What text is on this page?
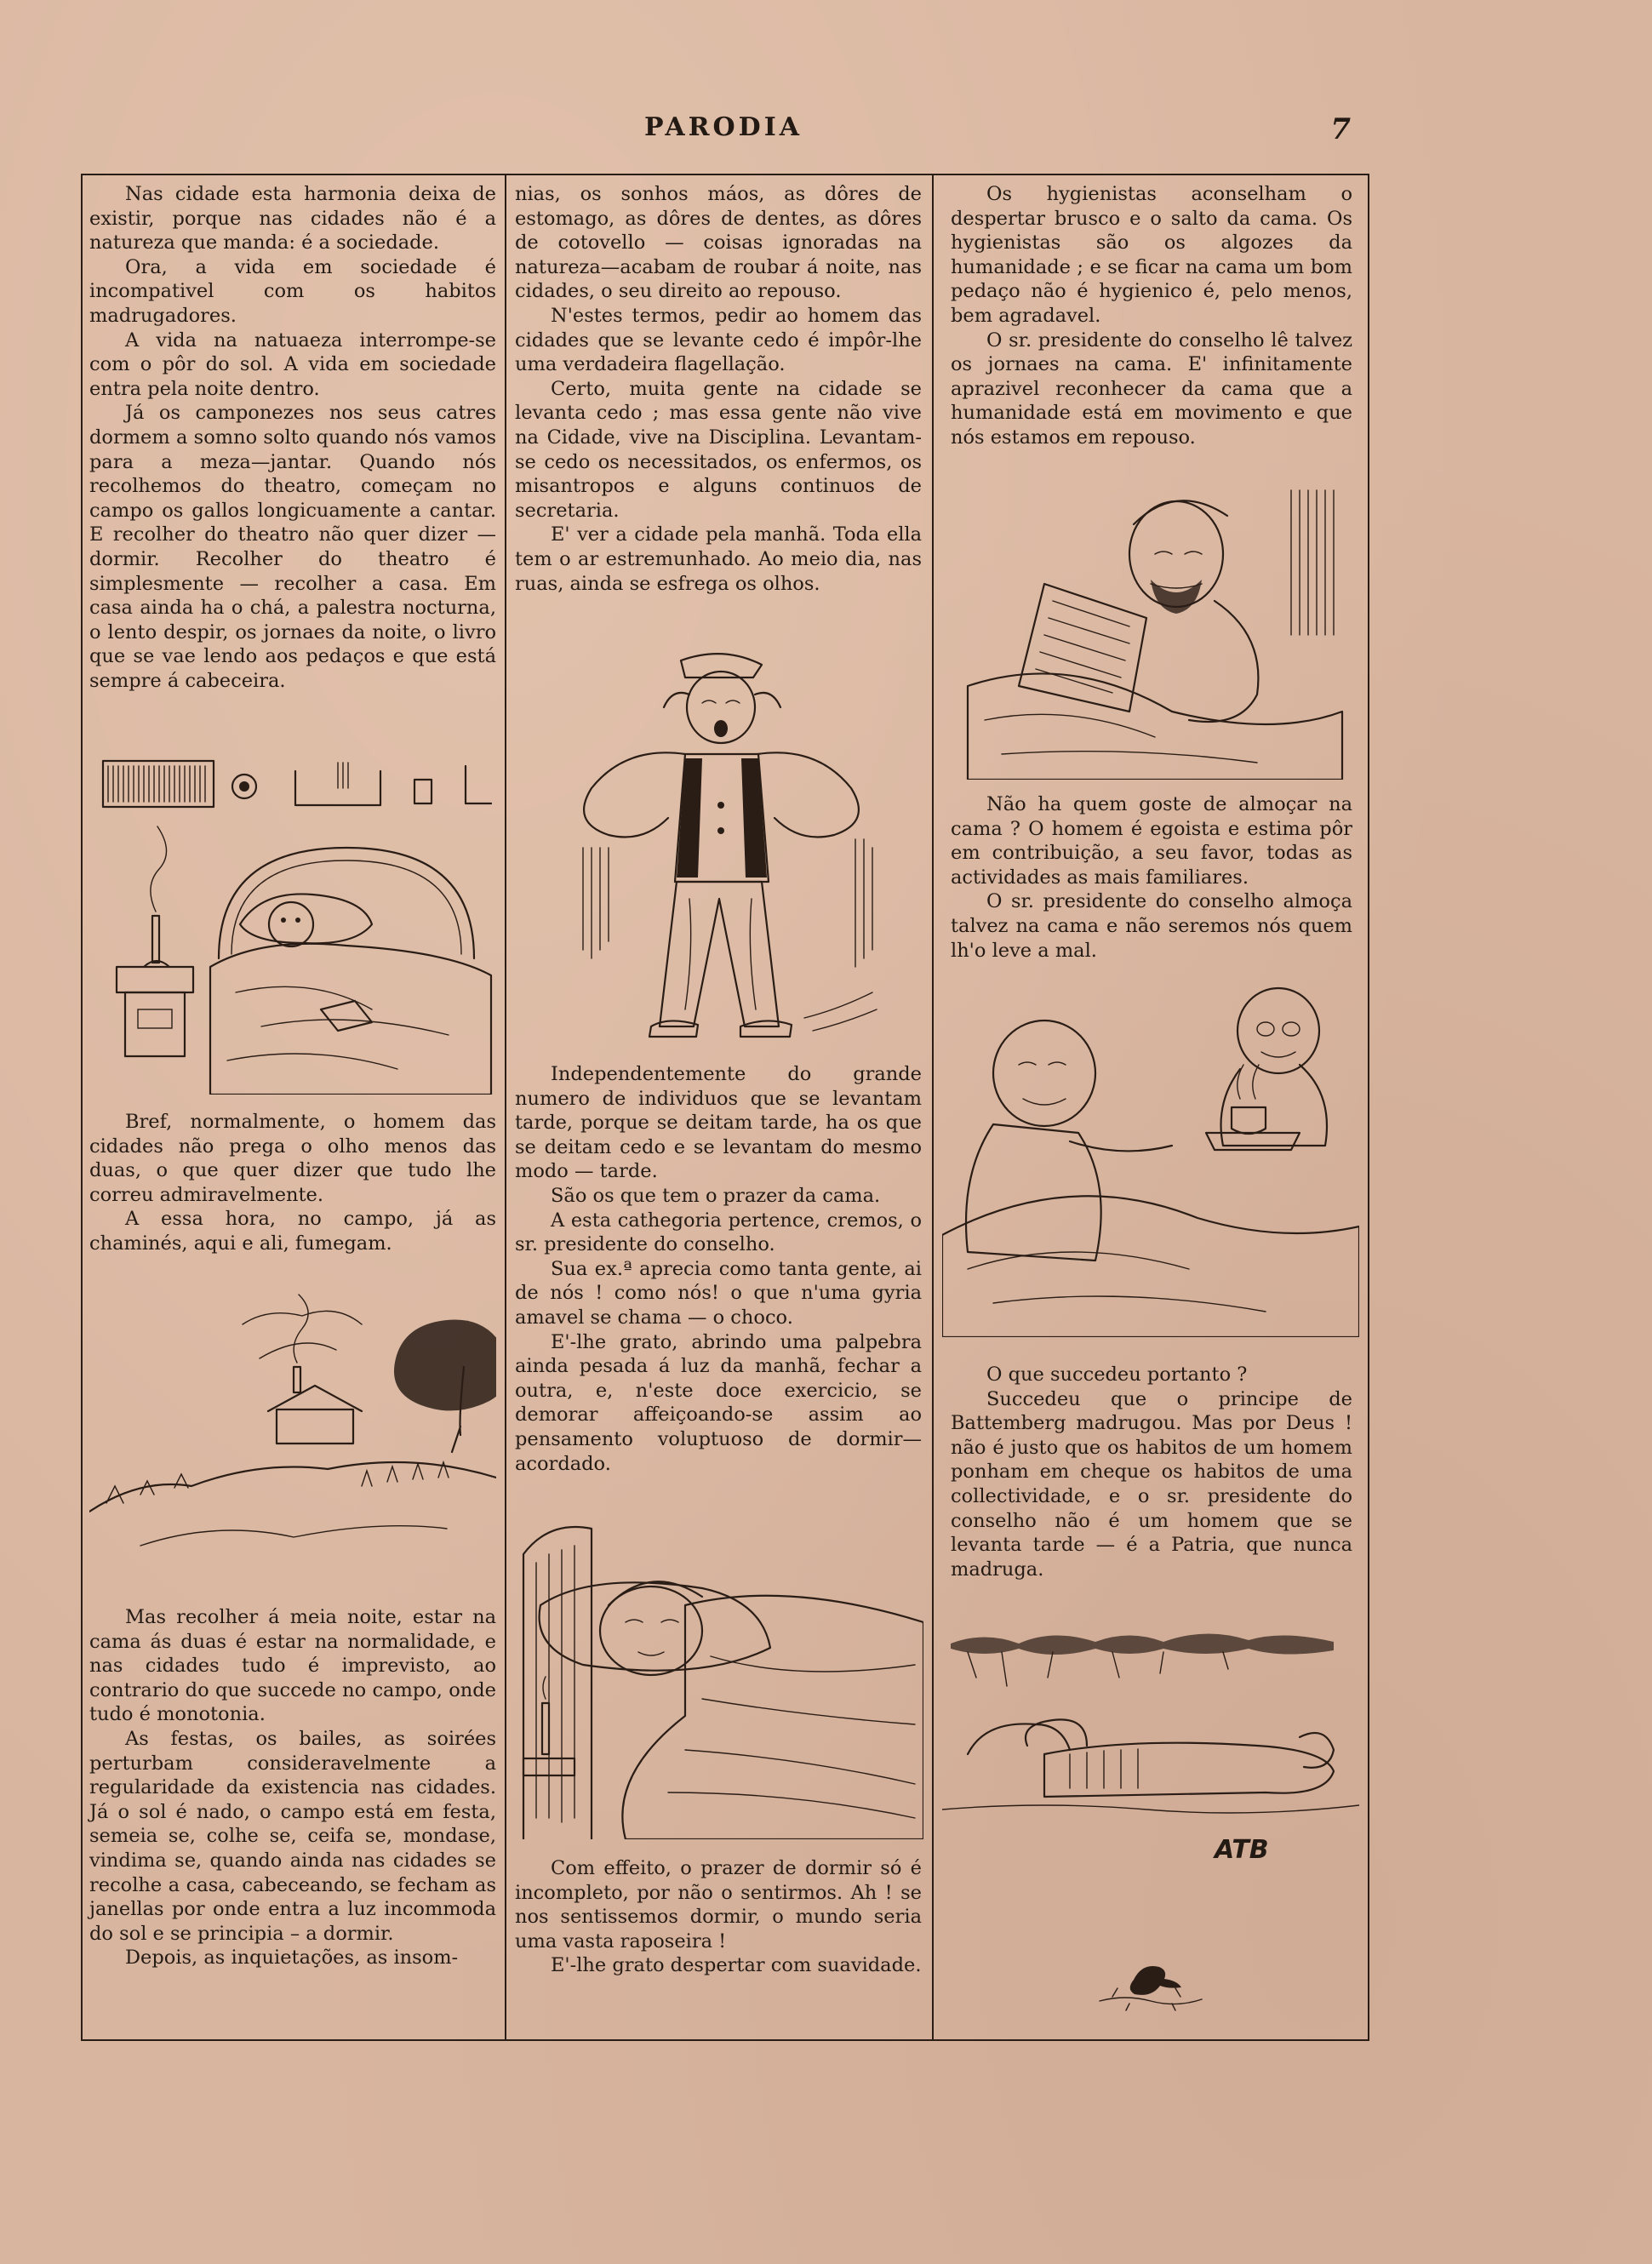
PARODIA	7

Nas cidade esta harmonia deixa de existir, porque nas cidades não é a natureza que manda: é a sociedade.

Ora, a vida em sociedade é incompativel com os habitos madrugadores.

A vida na natuaeza interrompe-se com o pôr do sol. A vida em sociedade entra pela noite dentro.

Já os camponezes nos seus catres dormem a somno solto quando nós vamos para a meza—jantar. Quando nós recolhemos do theatro, começam no campo os gallos longicuamente a cantar. E recolher do theatro não quer dizer — dormir. Recolher do theatro é simplesmente — recolher a casa. Em casa ainda ha o chá, a palestra nocturna, o lento despir, os jornaes da noite, o livro que se vae lendo aos pedaços e que está sempre á cabeceira.

Bref, normalmente, o homem das cidades não prega o olho menos das duas, o que quer dizer que tudo lhe correu admiravelmente.

A essa hora, no campo, já as chaminés, aqui e ali, fumegam.

Mas recolher á meia noite, estar na cama ás duas é estar na normalidade, e nas cidades tudo é imprevisto, ao contrario do que succede no campo, onde tudo é monotonia.

As festas, os bailes, as soirées perturbam consideravelmente a regularidade da existencia nas cidades. Já o sol é nado, o campo está em festa, semeia se, colhe se, ceifa se, mondase, vindima se, quando ainda nas cidades se recolhe a casa, cabeceando, se fecham as janellas por onde entra a luz incommoda do sol e se principia – a dormir.

Depois, as inquietações, as insom-

nias, os sonhos máos, as dôres de estomago, as dôres de dentes, as dôres de cotovello — coisas ignoradas na natureza—acabam de roubar á noite, nas cidades, o seu direito ao repouso.

N'estes termos, pedir ao homem das cidades que se levante cedo é impôr-lhe uma verdadeira flagellação.

Certo, muita gente na cidade se levanta cedo ; mas essa gente não vive na Cidade, vive na Disciplina. Levantam-se cedo os necessitados, os enfermos, os misantropos e alguns continuos de secretaria.

E' ver a cidade pela manhã. Toda ella tem o ar estremunhado. Ao meio dia, nas ruas, ainda se esfrega os olhos.

Independentemente do grande numero de individuos que se levantam tarde, porque se deitam tarde, ha os que se deitam cedo e se levantam do mesmo modo — tarde.

São os que tem o prazer da cama.

A esta cathegoria pertence, cremos, o sr. presidente do conselho.

Sua ex.ª aprecia como tanta gente, ai de nós ! como nós! o que n'uma gyria amavel se chama — o choco.

E'-lhe grato, abrindo uma palpebra ainda pesada á luz da manhã, fechar a outra, e, n'este doce exercicio, se demorar affeiçoando-se assim ao pensamento voluptuoso de dormir—acordado.

Com effeito, o prazer de dormir só é incompleto, por não o sentirmos. Ah ! se nos sentissemos dormir, o mundo seria uma vasta raposeira !

E'-lhe grato despertar com suavidade.

Os hygienistas aconselham o despertar brusco e o salto da cama. Os hygienistas são os algozes da humanidade ; e se ficar na cama um bom pedaço não é hygienico é, pelo menos, bem agradavel.

O sr. presidente do conselho lê talvez os jornaes na cama. E' infinitamente aprazivel reconhecer da cama que a humanidade está em movimento e que nós estamos em repouso.

Não ha quem goste de almoçar na cama ? O homem é egoista e estima pôr em contribuição, a seu favor, todas as actividades as mais familiares.

O sr. presidente do conselho almoça talvez na cama e não seremos nós quem lh'o leve a mal.

O que succedeu portanto ?

Succedeu que o principe de Battemberg madrugou. Mas por Deus ! não é justo que os habitos de um homem ponham em cheque os habitos de uma collectividade, e o sr. presidente do conselho não é um homem que se levanta tarde — é a Patria, que nunca madruga.

ATB
